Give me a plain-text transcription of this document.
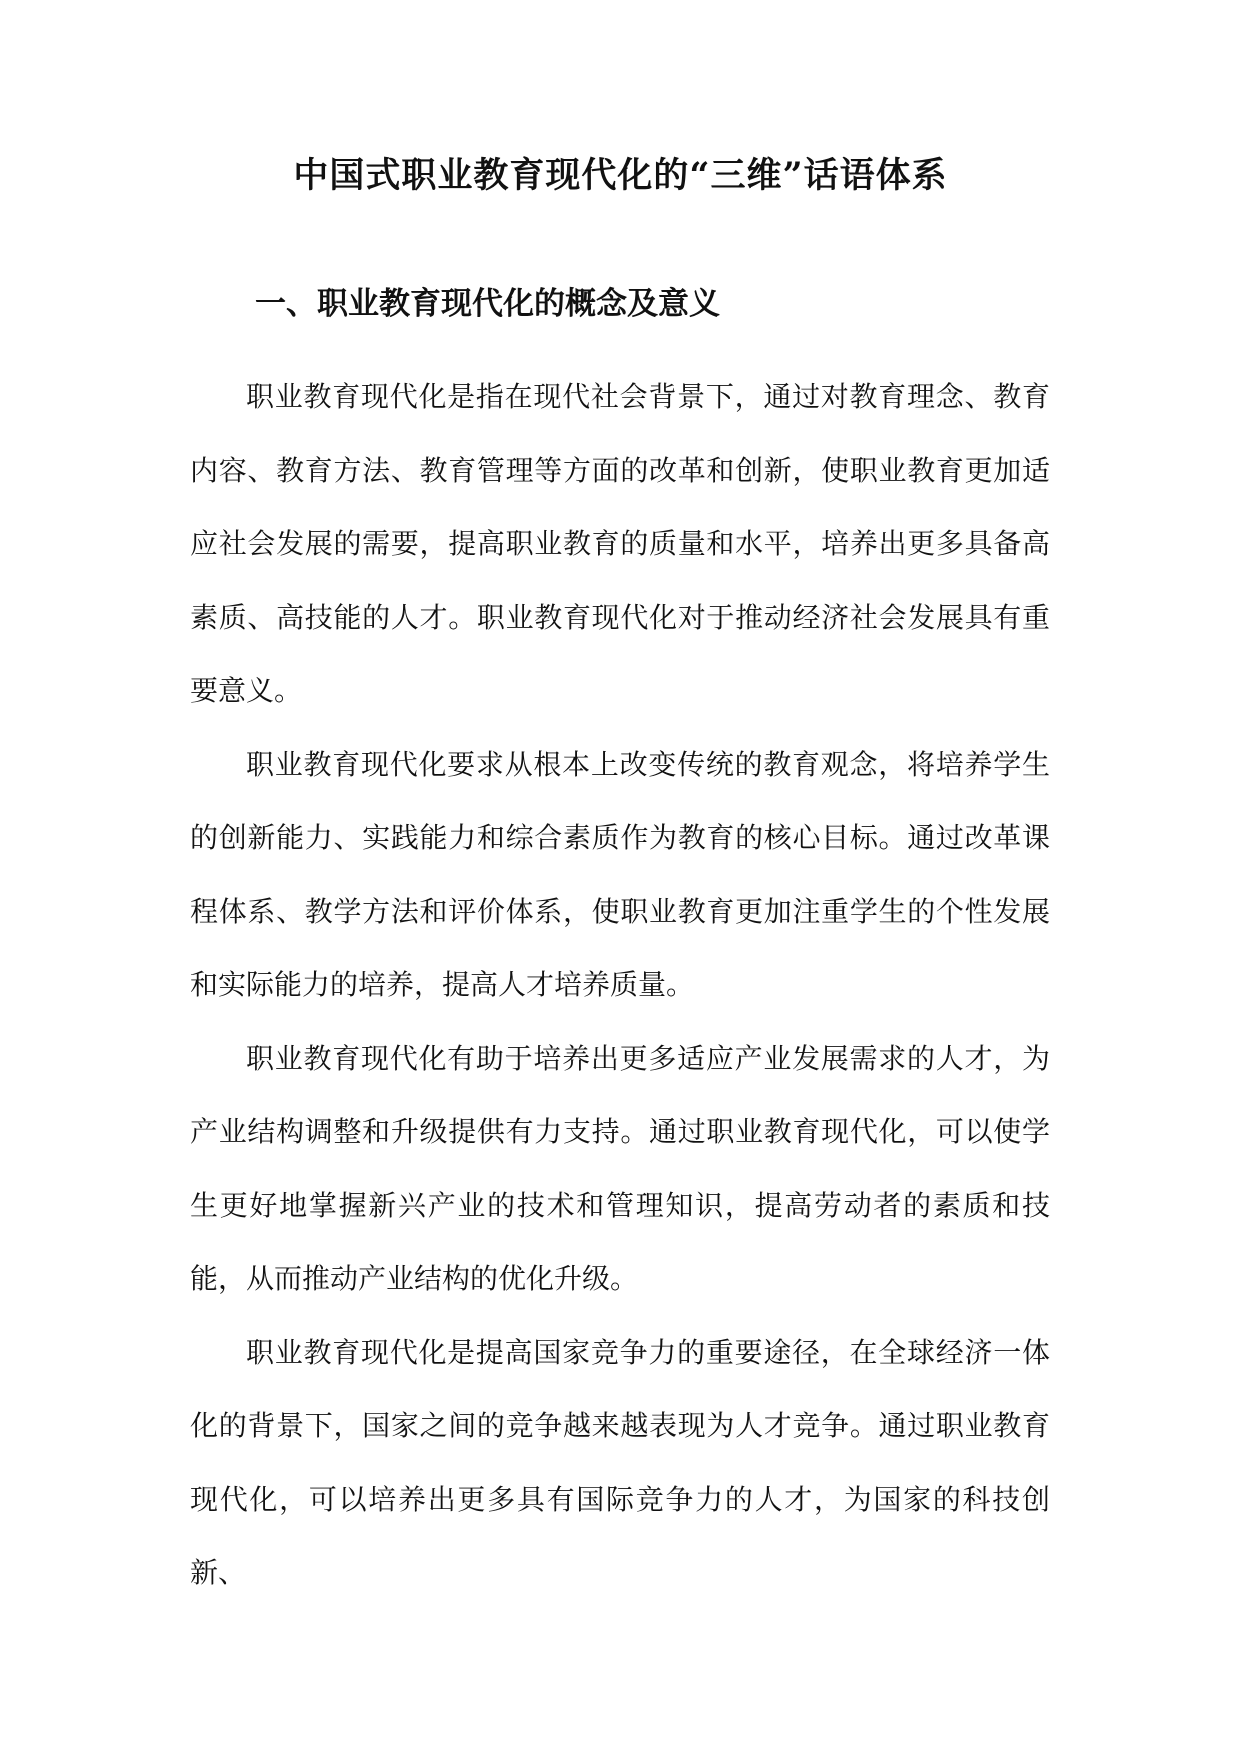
中国式职业教育现代化的“三维”话语体系
一、职业教育现代化的概念及意义

职业教育现代化是指在现代社会背景下，通过对教育理念、教育内容、教育方法、教育管理等方面的改革和创新，使职业教育更加适应社会发展的需要，提高职业教育的质量和水平，培养出更多具备高素质、高技能的人才。职业教育现代化对于推动经济社会发展具有重要意义。

职业教育现代化要求从根本上改变传统的教育观念，将培养学生的创新能力、实践能力和综合素质作为教育的核心目标。通过改革课程体系、教学方法和评价体系，使职业教育更加注重学生的个性发展和实际能力的培养，提高人才培养质量。

职业教育现代化有助于培养出更多适应产业发展需求的人才，为产业结构调整和升级提供有力支持。通过职业教育现代化，可以使学生更好地掌握新兴产业的技术和管理知识，提高劳动者的素质和技能，从而推动产业结构的优化升级。

职业教育现代化是提高国家竞争力的重要途径，在全球经济一体化的背景下，国家之间的竞争越来越表现为人才竞争。通过职业教育现代化，可以培养出更多具有国际竞争力的人才，为国家的科技创新、
